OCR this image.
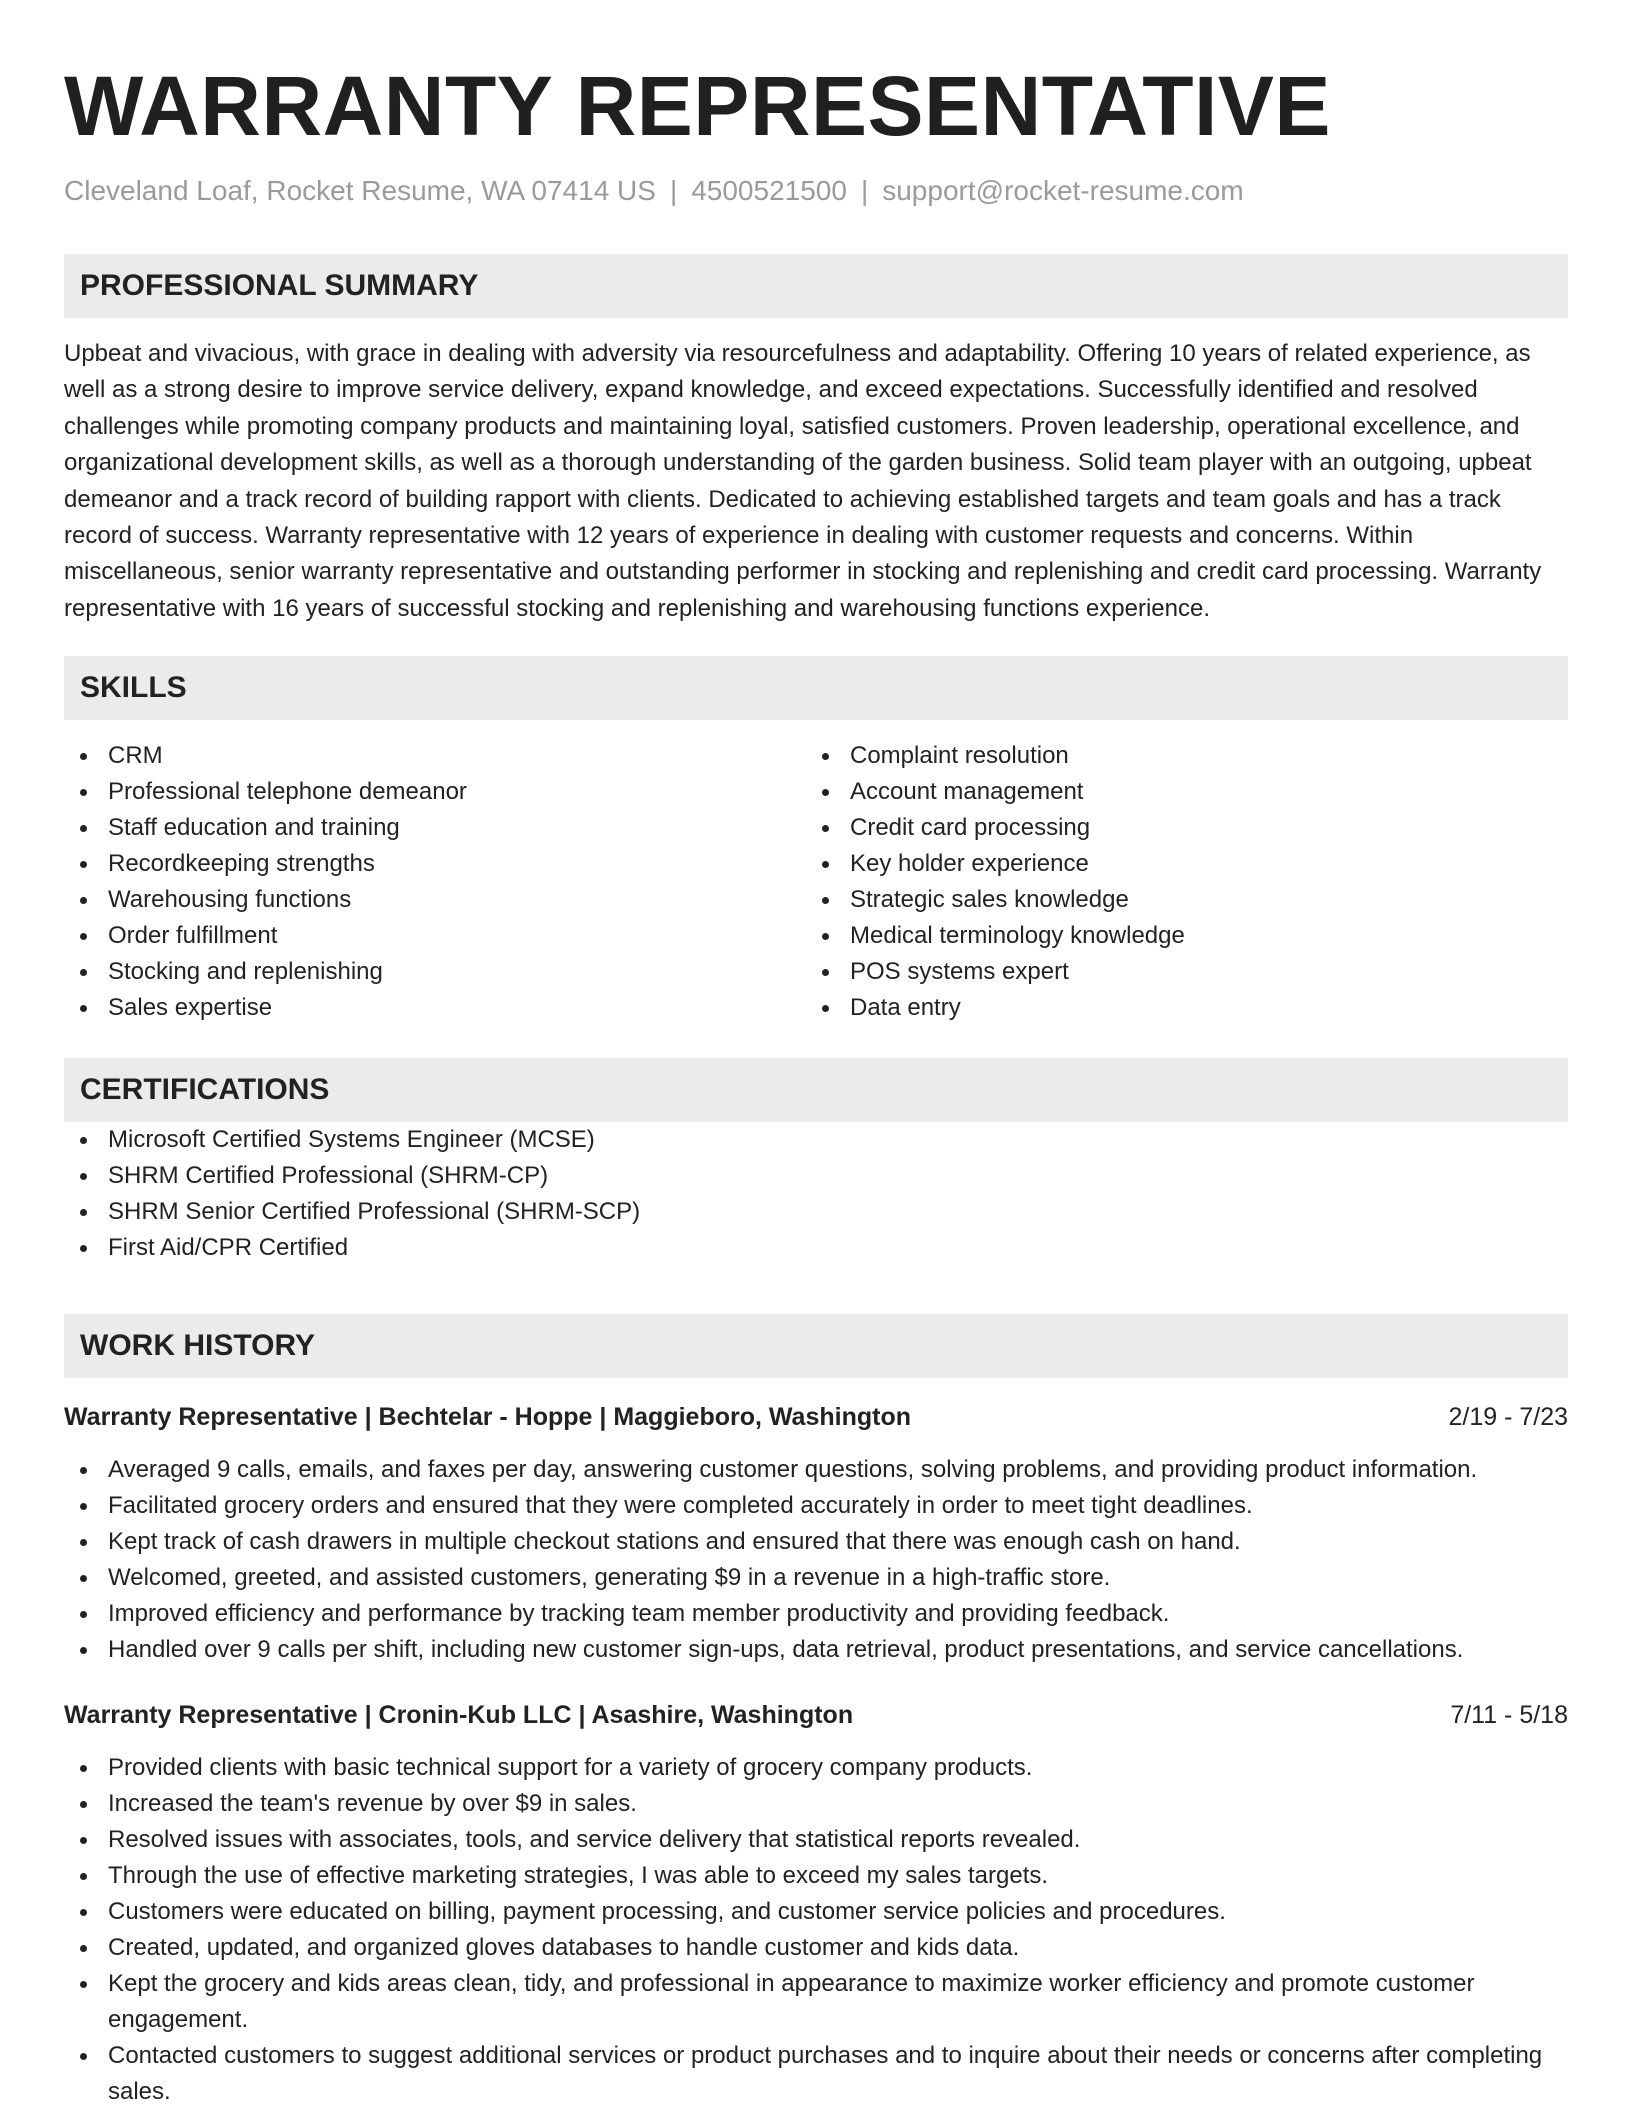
WARRANTY REPRESENTATIVE
Cleveland Loaf, Rocket Resume, WA 07414 US | 4500521500 | support@rocket-resume.com
PROFESSIONAL SUMMARY

Upbeat and vivacious, with grace in dealing with adversity via resourcefulness and adaptability. Offering 10 years of related experience, as well as a strong desire to improve service delivery, expand knowledge, and exceed expectations. Successfully identified and resolved challenges while promoting company products and maintaining loyal, satisfied customers. Proven leadership, operational excellence, and organizational development skills, as well as a thorough understanding of the garden business. Solid team player with an outgoing, upbeat demeanor and a track record of building rapport with clients. Dedicated to achieving established targets and team goals and has a track record of success. Warranty representative with 12 years of experience in dealing with customer requests and concerns. Within miscellaneous, senior warranty representative and outstanding performer in stocking and replenishing and credit card processing. Warranty representative with 16 years of successful stocking and replenishing and warehousing functions experience.

SKILLS
CRM
Professional telephone demeanor
Staff education and training
Recordkeeping strengths
Warehousing functions
Order fulfillment
Stocking and replenishing
Sales expertise
Complaint resolution
Account management
Credit card processing
Key holder experience
Strategic sales knowledge
Medical terminology knowledge
POS systems expert
Data entry
CERTIFICATIONS
Microsoft Certified Systems Engineer (MCSE)
SHRM Certified Professional (SHRM-CP)
SHRM Senior Certified Professional (SHRM-SCP)
First Aid/CPR Certified
WORK HISTORY
Warranty Representative | Bechtelar - Hoppe | Maggieboro, Washington	2/19 - 7/23
Averaged 9 calls, emails, and faxes per day, answering customer questions, solving problems, and providing product information.
Facilitated grocery orders and ensured that they were completed accurately in order to meet tight deadlines.
Kept track of cash drawers in multiple checkout stations and ensured that there was enough cash on hand.
Welcomed, greeted, and assisted customers, generating $9 in a revenue in a high-traffic store.
Improved efficiency and performance by tracking team member productivity and providing feedback.
Handled over 9 calls per shift, including new customer sign-ups, data retrieval, product presentations, and service cancellations.
Warranty Representative | Cronin-Kub LLC | Asashire, Washington	7/11 - 5/18
Provided clients with basic technical support for a variety of grocery company products.
Increased the team's revenue by over $9 in sales.
Resolved issues with associates, tools, and service delivery that statistical reports revealed.
Through the use of effective marketing strategies, I was able to exceed my sales targets.
Customers were educated on billing, payment processing, and customer service policies and procedures.
Created, updated, and organized gloves databases to handle customer and kids data.
Kept the grocery and kids areas clean, tidy, and professional in appearance to maximize worker efficiency and promote customer engagement.
Contacted customers to suggest additional services or product purchases and to inquire about their needs or concerns after completing sales.
